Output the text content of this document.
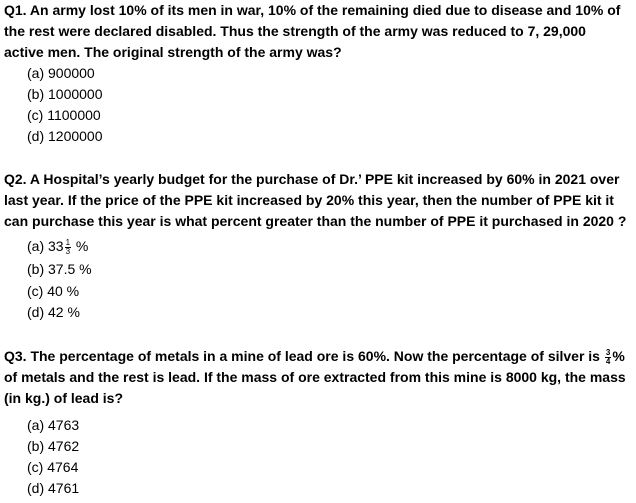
Q1. An army lost 10% of its men in war, 10% of the remaining died due to disease and 10% of
the rest were declared disabled. Thus the strength of the army was reduced to 7, 29,000
active men. The original strength of the army was?
(a) 900000
(b) 1000000
(c) 1100000
(d) 1200000
Q2. A Hospital’s yearly budget for the purchase of Dr.’ PPE kit increased by 60% in 2021 over
last year. If the price of the PPE kit increased by 20% this year, then the number of PPE kit it
can purchase this year is what percent greater than the number of PPE it purchased in 2020 ?
(a) $33 \frac{1}{3}$ %
(b) 37.5 %
(c) 40 %
(d) 42 %
Q3. The percentage of metals in a mine of lead ore is 60%. Now the percentage of silver is $\frac{3}{4}$ %
of metals and the rest is lead. If the mass of ore extracted from this mine is 8000 kg, the mass
(in kg.) of lead is?
(a) 4763
(b) 4762
(c) 4764
(d) 4761
